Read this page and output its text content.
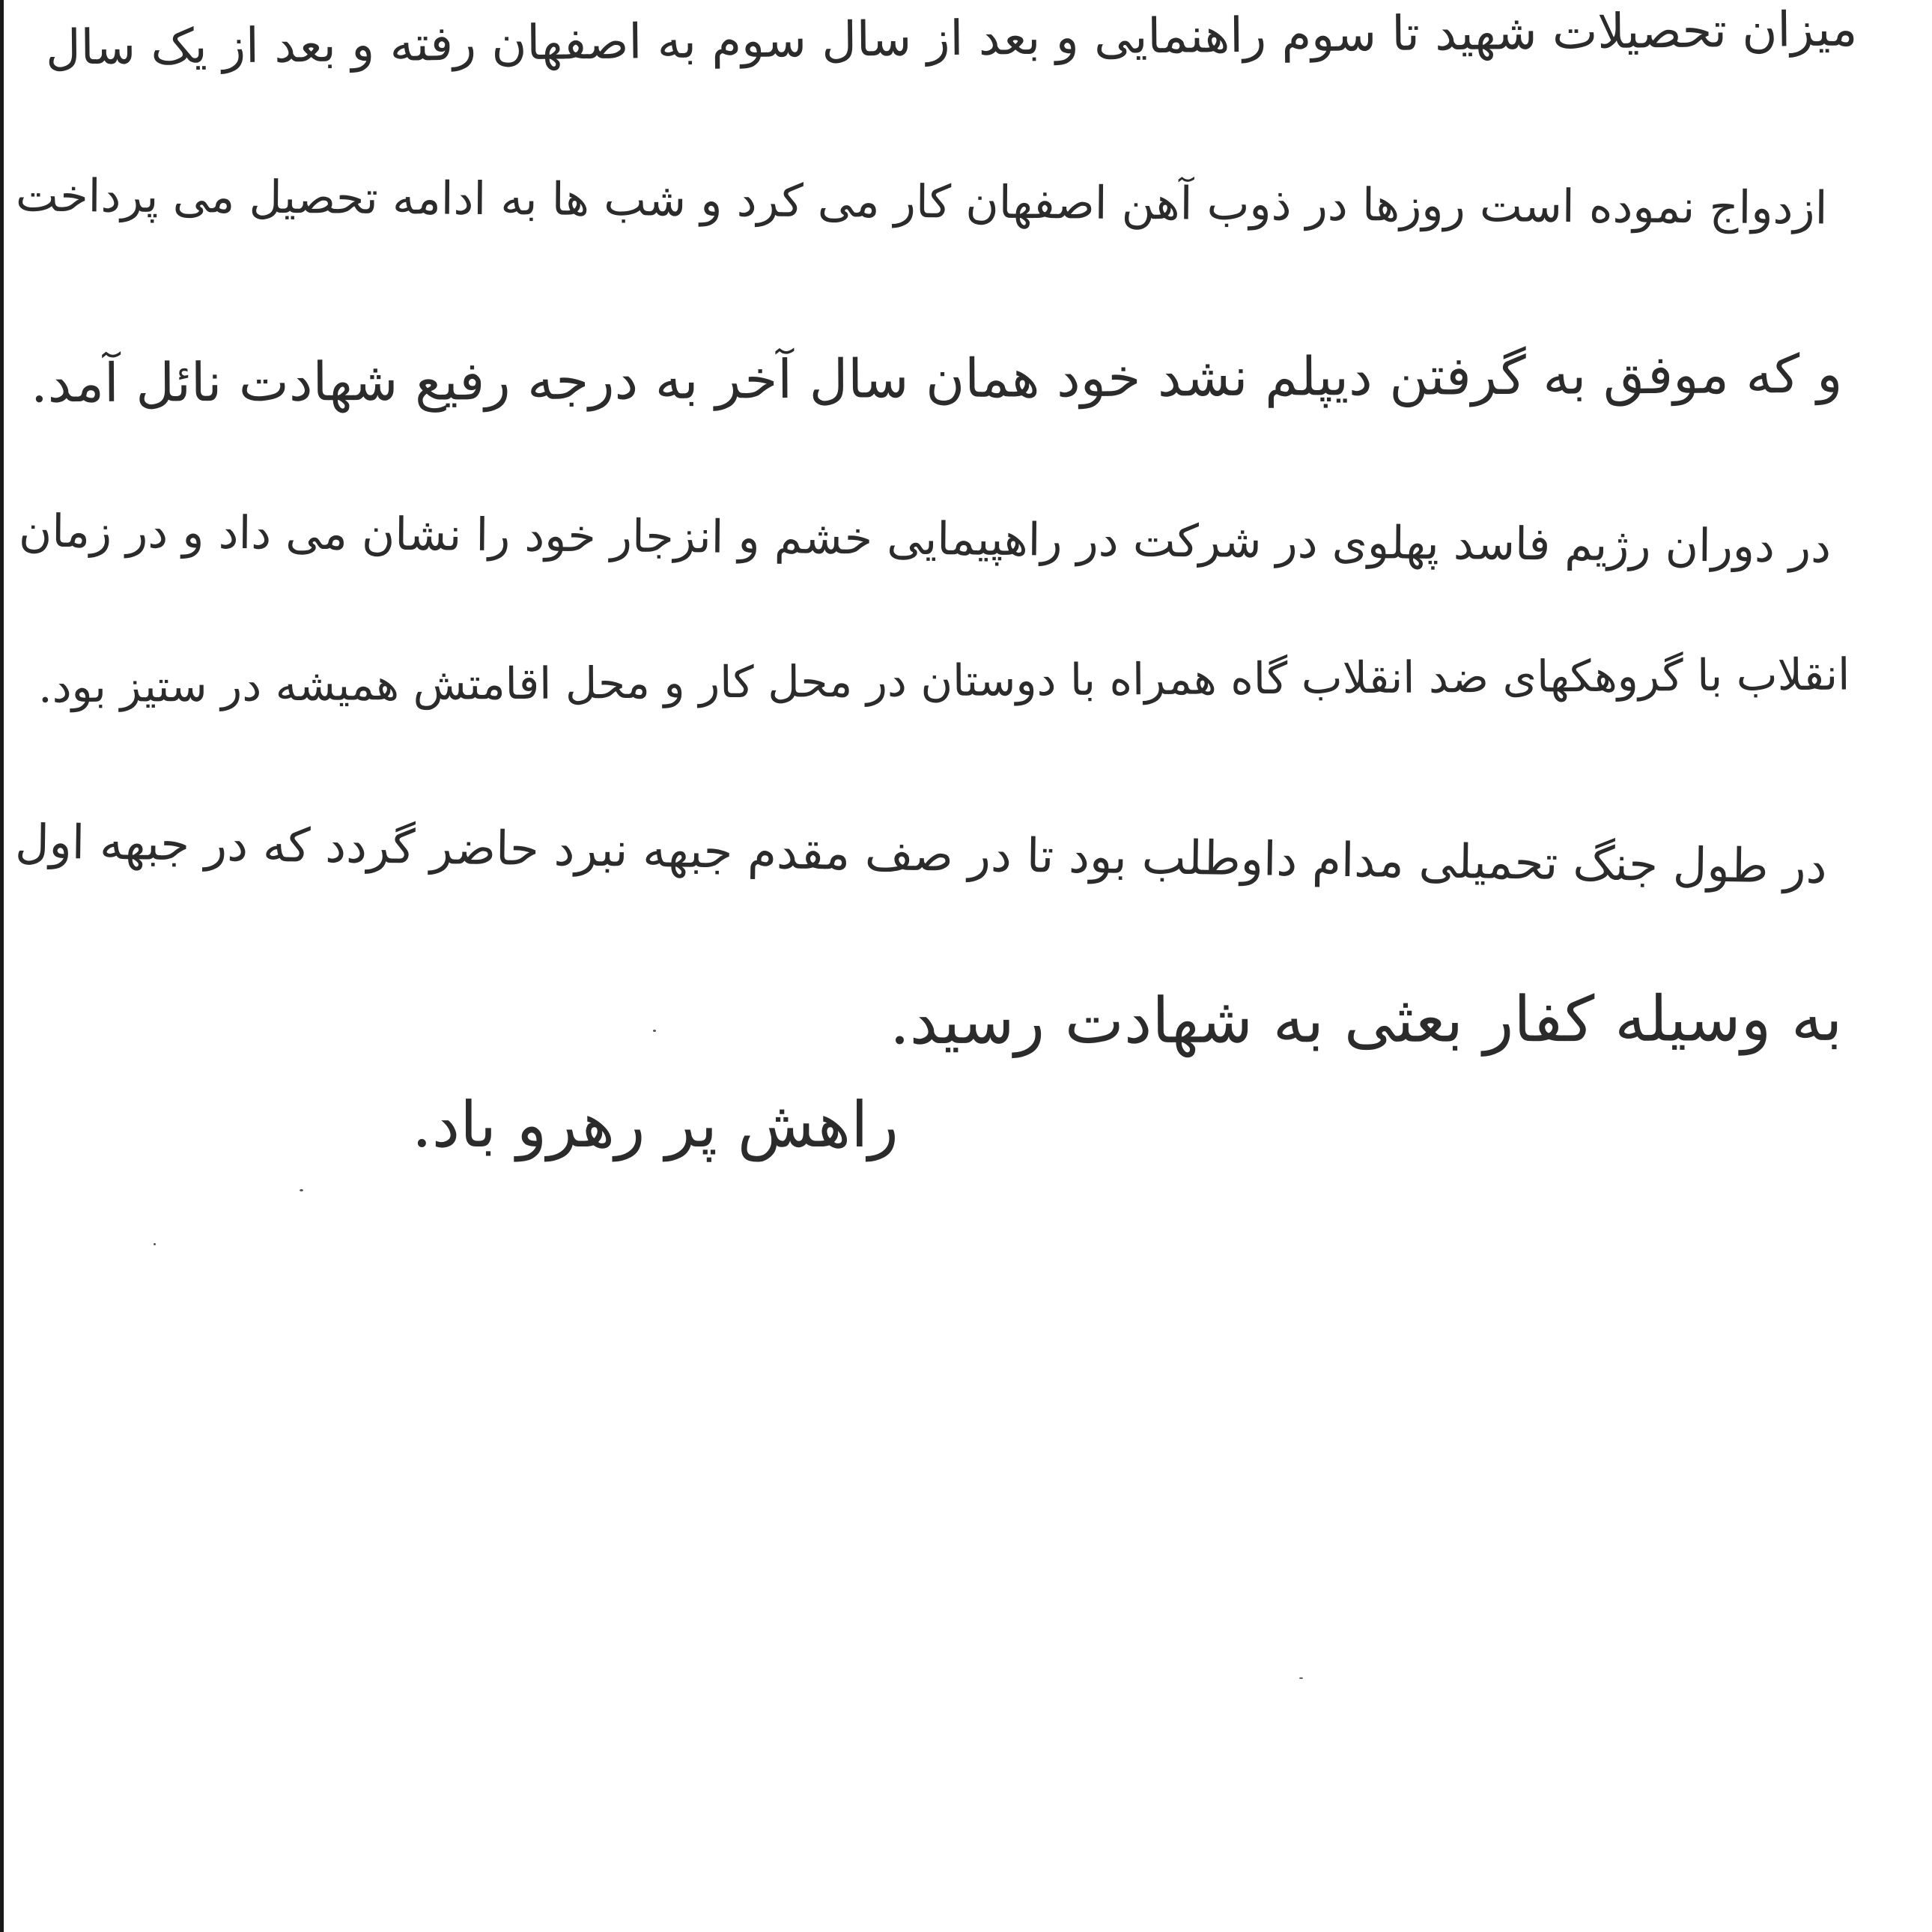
میزان تحصیلات شهید تا سوم راهنمایی و بعد از سال سوم به اصفهان رفته و بعد از یک سال
ازدواج نموده است روزها در ذوب آهن اصفهان کار می کرد و شب ها به ادامه تحصیل می پرداخت
و که موفق به گرفتن دیپلم نشد خود همان سال آخر به درجه رفیع شهادت نائل آمد.
در دوران رژیم فاسد پهلوی در شرکت در راهپیمایی خشم و انزجار خود را نشان می داد و در زمان
انقلاب با گروهکهای ضد انقلاب گاه همراه با دوستان در محل کار و محل اقامتش همیشه در ستیز بود.
در طول جنگ تحمیلی مدام داوطلب بود تا در صف مقدم جبهه نبرد حاضر گردد که در جبهه اول
به وسیله کفار بعثی به شهادت رسید.
راهش پر رهرو باد.
